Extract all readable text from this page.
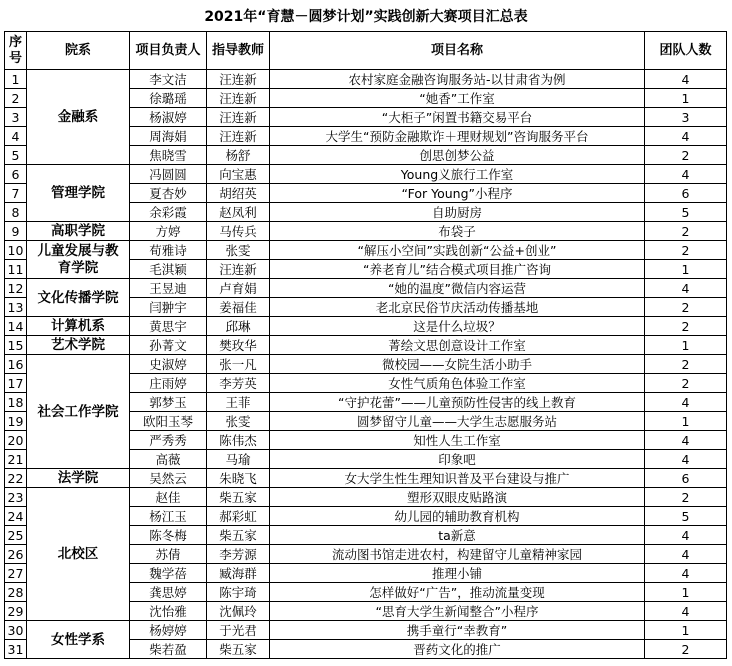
2021年“育慧－圆梦计划”实践创新大赛项目汇总表
序号	院系	项目负责人	指导教师	项目名称	团队人数
1	金融系	李文洁	汪连新	农村家庭金融咨询服务站-以甘肃省为例	4
2		徐璐瑶	汪连新	“她香”工作室	1
3		杨淑婷	汪连新	“大柜子”闲置书籍交易平台	3
4		周海娟	汪连新	大学生“预防金融欺诈＋理财规划”咨询服务平台	4
5		焦晓雪	杨舒	创思创梦公益	2
6	管理学院	冯圆圆	向宝惠	Young义旅行工作室	4
7		夏杏妙	胡绍英	“For Young”小程序	6
8		余彩霞	赵凤利	自助厨房	5
9	高职学院	方婷	马传兵	布袋子	2
10	儿童发展与教育学院	荀雅诗	张雯	“解压小空间”实践创新“公益+创业”	2
11		毛淇颖	汪连新	“养老育儿”结合模式项目推广咨询	1
12	文化传播学院	王昱迪	卢育娟	“她的温度”微信内容运营	4
13		闫翀宇	姜福佳	老北京民俗节庆活动传播基地	2
14	计算机系	黄思宇	邱琳	这是什么垃圾？	2
15	艺术学院	孙菁文	樊玫华	菁绘文思创意设计工作室	1
16	社会工作学院	史淑婷	张一凡	微校园——女院生活小助手	2
17		庄雨婷	李芳英	女性气质角色体验工作室	2
18		郭梦玉	王菲	“守护花蕾”——儿童预防性侵害的线上教育	4
19		欧阳玉琴	张雯	圆梦留守儿童——大学生志愿服务站	1
20		严秀秀	陈伟杰	知性人生工作室	4
21		高薇	马瑜	印象吧	4
22	法学院	吴然云	朱晓飞	女大学生性生理知识普及平台建设与推广	6
23	北校区	赵佳	柴五家	塑形双眼皮贴路演	2
24		杨江玉	郝彩虹	幼儿园的辅助教育机构	5
25		陈冬梅	柴五家	ta新意	4
26		苏倩	李芳源	流动图书馆走进农村，构建留守儿童精神家园	4
27		魏学蓓	臧海群	推理小铺	4
28		龚思婷	陈宇琦	怎样做好“广告”，推动流量变现	1
29		沈怡雅	沈佩玲	“思育大学生新闻整合”小程序	4
30	女性学系	杨婷婷	于光君	携手童行“幸教育”	1
31		柴若盈	柴五家	晋药文化的推广	2
